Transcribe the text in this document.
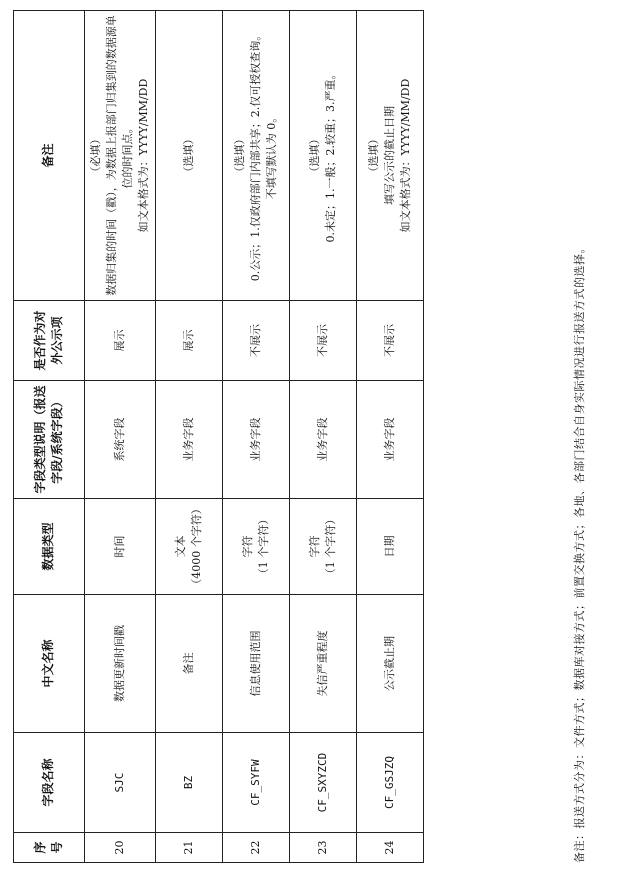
序号	字段名称	中文名称	数据类型	字段类型说明（报送字段/系统字段）	是否作为对外公示项	备注
20	SJC	数据更新时间戳	时间	系统字段	展示	（必填） 数据归集的时间（戳），为数据上报部门归集到的数据源单位的时间点。 如文本格式为：YYYY/MM/DD

21	BZ	备注	文本 （4000 个字符）	业务字段	展示	（选填）

22	CF_SYFW	信息使用范围	字符 （1 个字符）	业务字段	不展示	（选填） 0.公示；1.仅政府部门内部共享；2.仅可授权查询。 不填写默认为 0。

23	CF_SXYZCD	失信严重程度	字符 （1 个字符）	业务字段	不展示	（选填） 0.未定；1.一般；2.较重；3.严重。

24	CF_GSJZQ	公示截止期	日期	业务字段	不展示	（选填） 填写公示的截止日期 如文本格式为：YYYY/MM/DD
备注：报送方式分为：文件方式；数据库对接方式；前置交换方式；各地、各部门结合自身实际情况进行报送方式的选择。
